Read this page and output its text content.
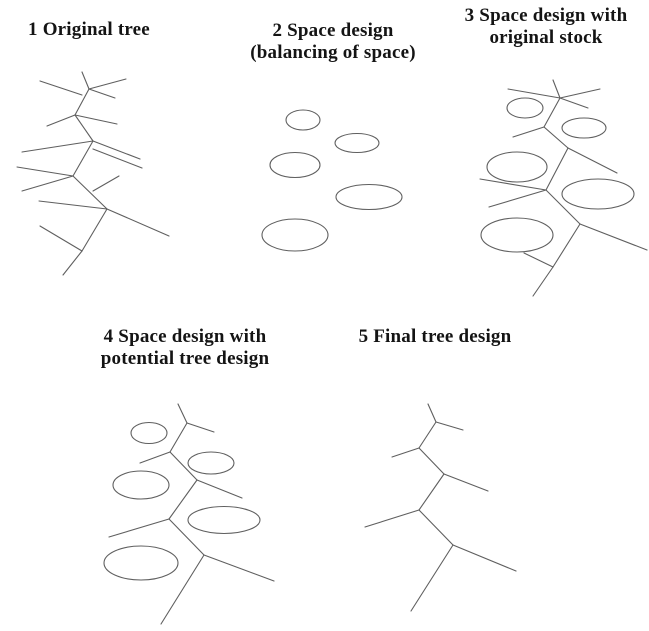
1 Original tree	2 Space design
(balancing of space)
3 Space design with
original stock
4 Space design with
potential tree design
5 Final tree design
